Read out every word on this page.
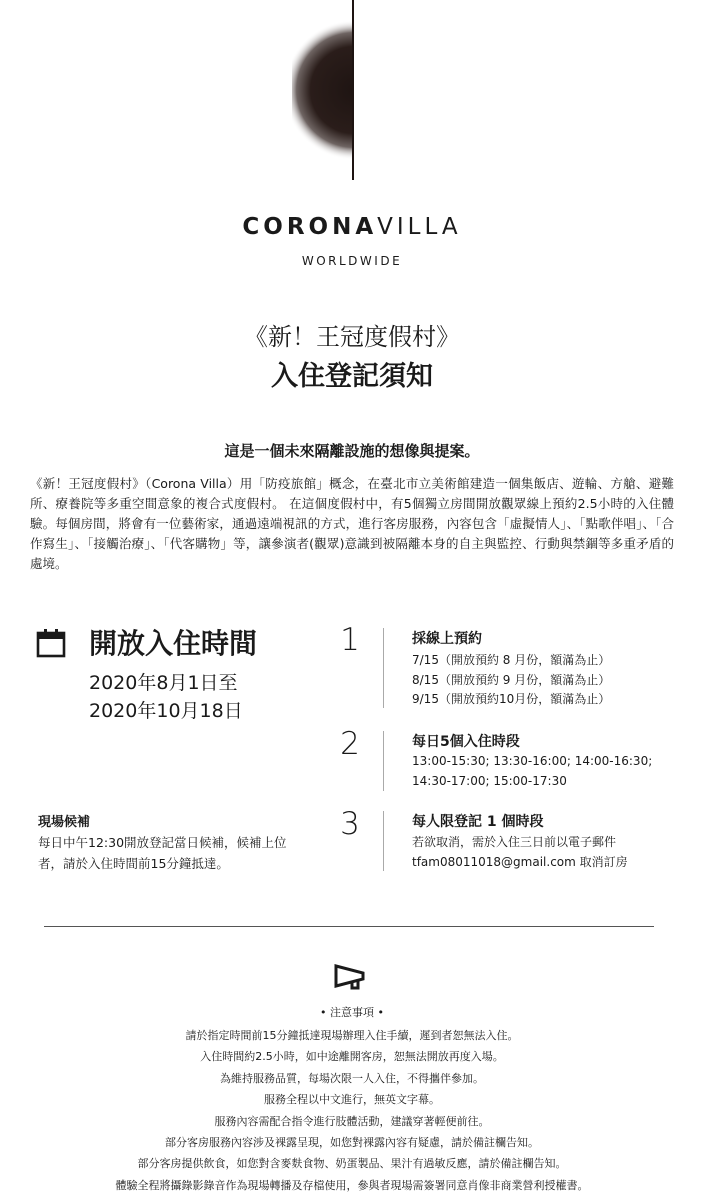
CORONAVILLA
WORLDWIDE
《新！王冠度假村》
入住登記須知
這是一個未來隔離設施的想像與提案。
《新！王冠度假村》（Corona Villa）用「防疫旅館」概念，在臺北市立美術館建造一個集飯店、遊輪、方艙、避難所、療養院等多重空間意象的複合式度假村。 在這個度假村中，有5個獨立房間開放觀眾線上預約2.5小時的入住體驗。每個房間，將會有一位藝術家，通過遠端視訊的方式，進行客房服務，內容包含「虛擬情人」、「點歌伴唱」、「合作寫生」、「接觸治療」、「代客購物」等，讓參演者(觀眾)意識到被隔離本身的自主與監控、行動與禁錮等多重矛盾的處境。
開放入住時間
2020年8月1日至
2020年10月18日
現場候補
每日中午12:30開放登記當日候補，候補上位者，請於入住時間前15分鐘抵達。
1	採線上預約
7/15（開放預約 8 月份，額滿為止）
8/15（開放預約 9 月份，額滿為止）
9/15（開放預約10月份，額滿為止）
2	每日5個入住時段
13:00-15:30; 13:30-16:00; 14:00-16:30;
14:30-17:00; 15:00-17:30
3	每人限登記 1 個時段
若欲取消，需於入住三日前以電子郵件
tfam08011018@gmail.com 取消訂房
• 注意事項 •
請於指定時間前15分鐘抵達現場辦理入住手續，遲到者恕無法入住。
入住時間約2.5小時，如中途離開客房，恕無法開放再度入場。
為維持服務品質，每場次限一人入住，不得攜伴參加。
服務全程以中文進行，無英文字幕。
服務內容需配合指令進行肢體活動，建議穿著輕便前往。
部分客房服務內容涉及裸露呈現，如您對裸露內容有疑慮，請於備註欄告知。
部分客房提供飲食，如您對含麥麩食物、奶蛋製品、果汁有過敏反應，請於備註欄告知。
體驗全程將攝錄影錄音作為現場轉播及存檔使用，參與者現場需簽署同意肖像非商業營利授權書。
